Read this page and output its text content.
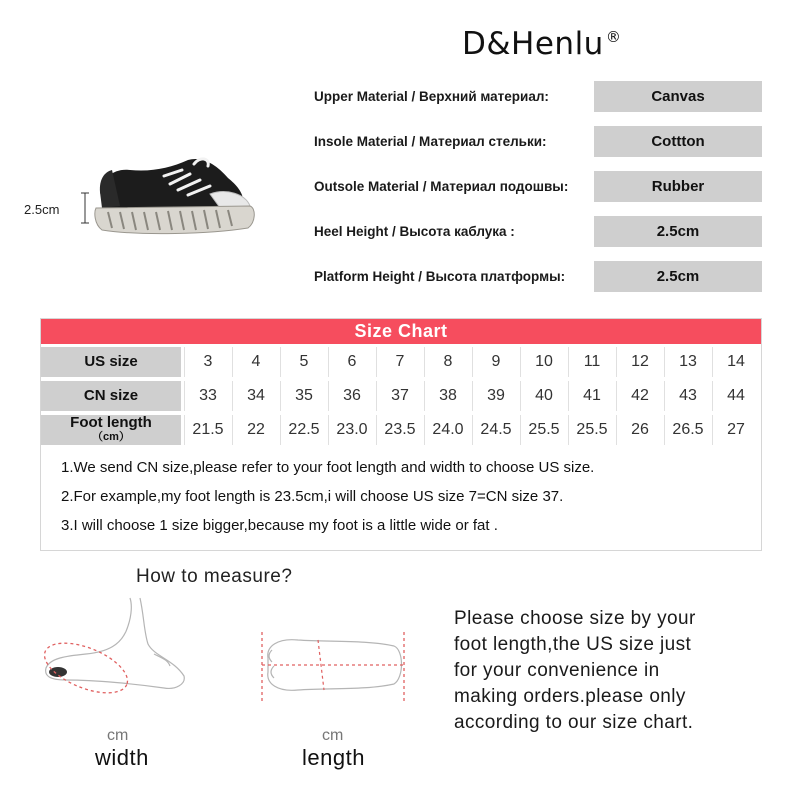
D&Henlu ®
2.5cm
Upper Material / Верхний материал:	Canvas
Insole Material / Материал стельки:	Cottton
Outsole Material / Материал подошвы:	Rubber
Heel Height / Высота каблука :	2.5cm
Platform Height / Высота платформы:	2.5cm
Size Chart
US size	3	4	5	6	7	8	9	10	11	12	13	14
CN size	33	34	35	36	37	38	39	40	41	42	43	44
Foot length
（cm）	21.5	22	22.5	23.0	23.5	24.0	24.5	25.5	25.5	26	26.5	27
1.We send CN size,please refer to your foot length and width to choose US size.
2.For example,my foot length is 23.5cm,i will choose US size 7=CN size 37.
3.I will choose 1 size bigger,because my foot is a little wide or fat .
How to measure?
cm
width
cm
length
Please choose size by your
foot length,the US size just
for your convenience in
making orders.please only
according to our size chart.
